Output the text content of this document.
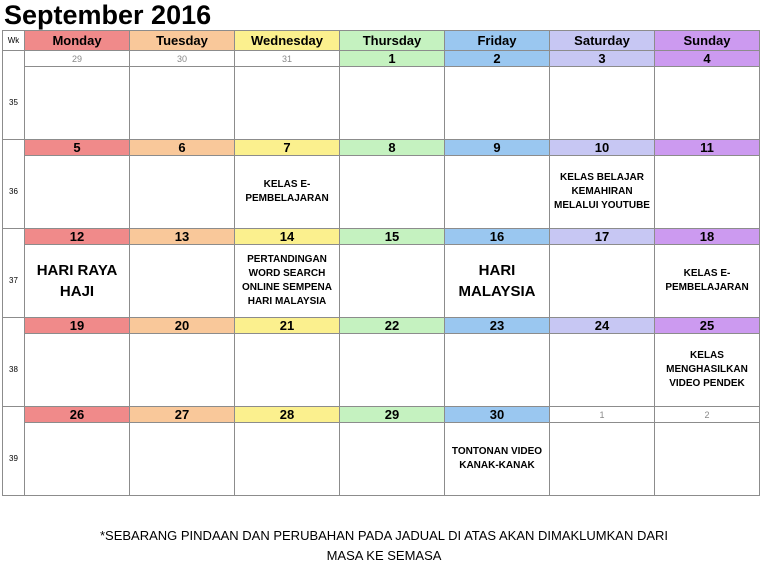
September 2016
Wk	Monday	Tuesday	Wednesday	Thursday	Friday	Saturday	Sunday
	29	30	31	1	2	3	4
35							
	5	6	7	8	9	10	11
36			KELAS E-PEMBELAJARAN			KELAS BELAJAR KEMAHIRAN MELALUI YOUTUBE	
	12	13	14	15	16	17	18
37	HARI RAYA HAJI		PERTANDINGAN WORD SEARCH ONLINE SEMPENA HARI MALAYSIA		HARI MALAYSIA		KELAS E-PEMBELAJARAN
	19	20	21	22	23	24	25
38							KELAS MENGHASILKAN VIDEO PENDEK
	26	27	28	29	30	1	2
39					TONTONAN VIDEO KANAK-KANAK		
*SEBARANG PINDAAN DAN PERUBAHAN PADA JADUAL DI ATAS AKAN DIMAKLUMKAN DARI
MASA KE SEMASA
